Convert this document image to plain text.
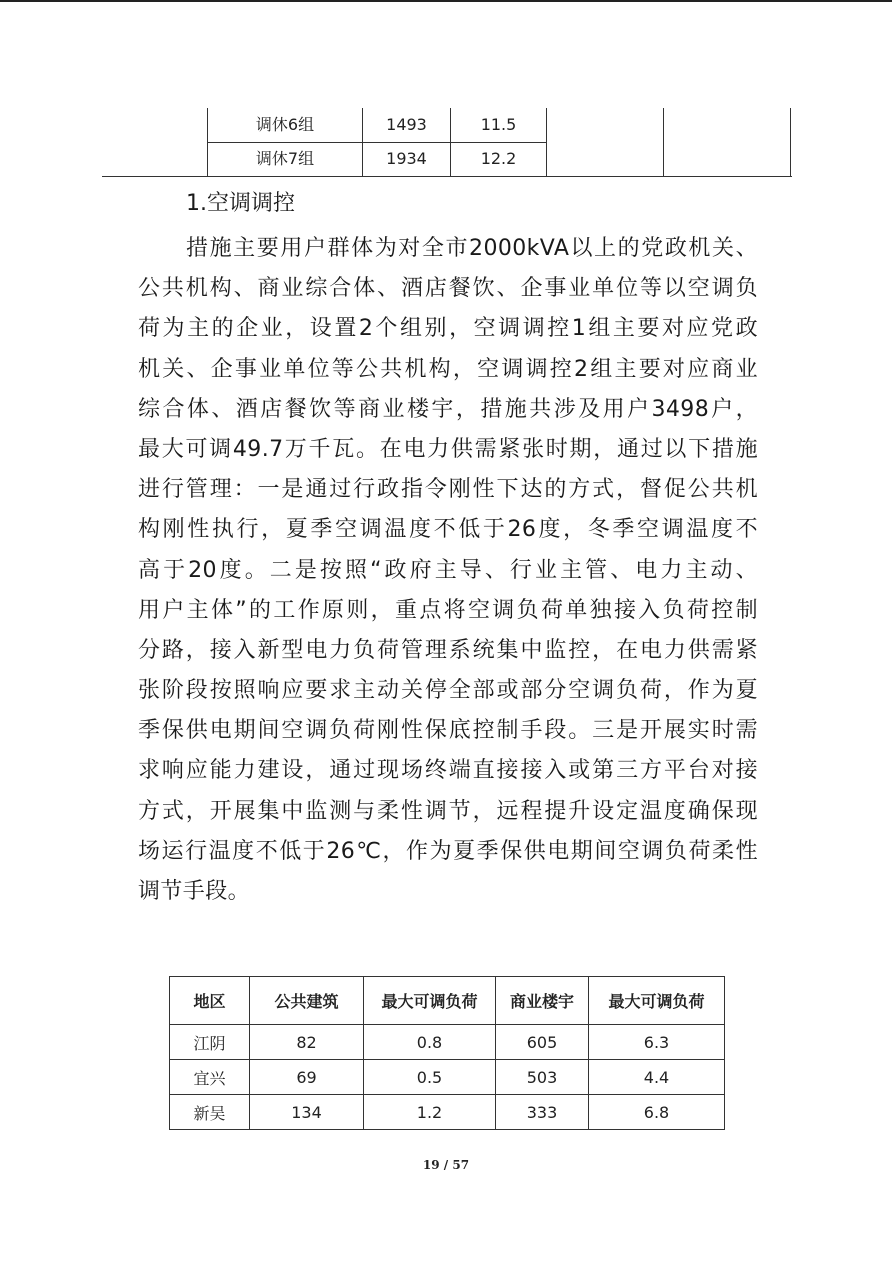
调休6组	1493	11.5
调休7组	1934	12.2
1.空调调控
措施主要用户群体为对全市2000kVA以上的党政机关、
公共机构、商业综合体、酒店餐饮、企事业单位等以空调负
荷为主的企业，设置2个组别，空调调控1组主要对应党政
机关、企事业单位等公共机构，空调调控2组主要对应商业
综合体、酒店餐饮等商业楼宇，措施共涉及用户3498户，
最大可调49.7万千瓦。在电力供需紧张时期，通过以下措施
进行管理：一是通过行政指令刚性下达的方式，督促公共机
构刚性执行，夏季空调温度不低于26度，冬季空调温度不
高于20度。二是按照“政府主导、行业主管、电力主动、
用户主体”的工作原则，重点将空调负荷单独接入负荷控制
分路，接入新型电力负荷管理系统集中监控，在电力供需紧
张阶段按照响应要求主动关停全部或部分空调负荷，作为夏
季保供电期间空调负荷刚性保底控制手段。三是开展实时需
求响应能力建设，通过现场终端直接接入或第三方平台对接
方式，开展集中监测与柔性调节，远程提升设定温度确保现
场运行温度不低于26℃，作为夏季保供电期间空调负荷柔性
调节手段。
地区	公共建筑	最大可调负荷	商业楼宇	最大可调负荷
江阴	82	0.8	605	6.3
宜兴	69	0.5	503	4.4
新吴	134	1.2	333	6.8
19 / 57
